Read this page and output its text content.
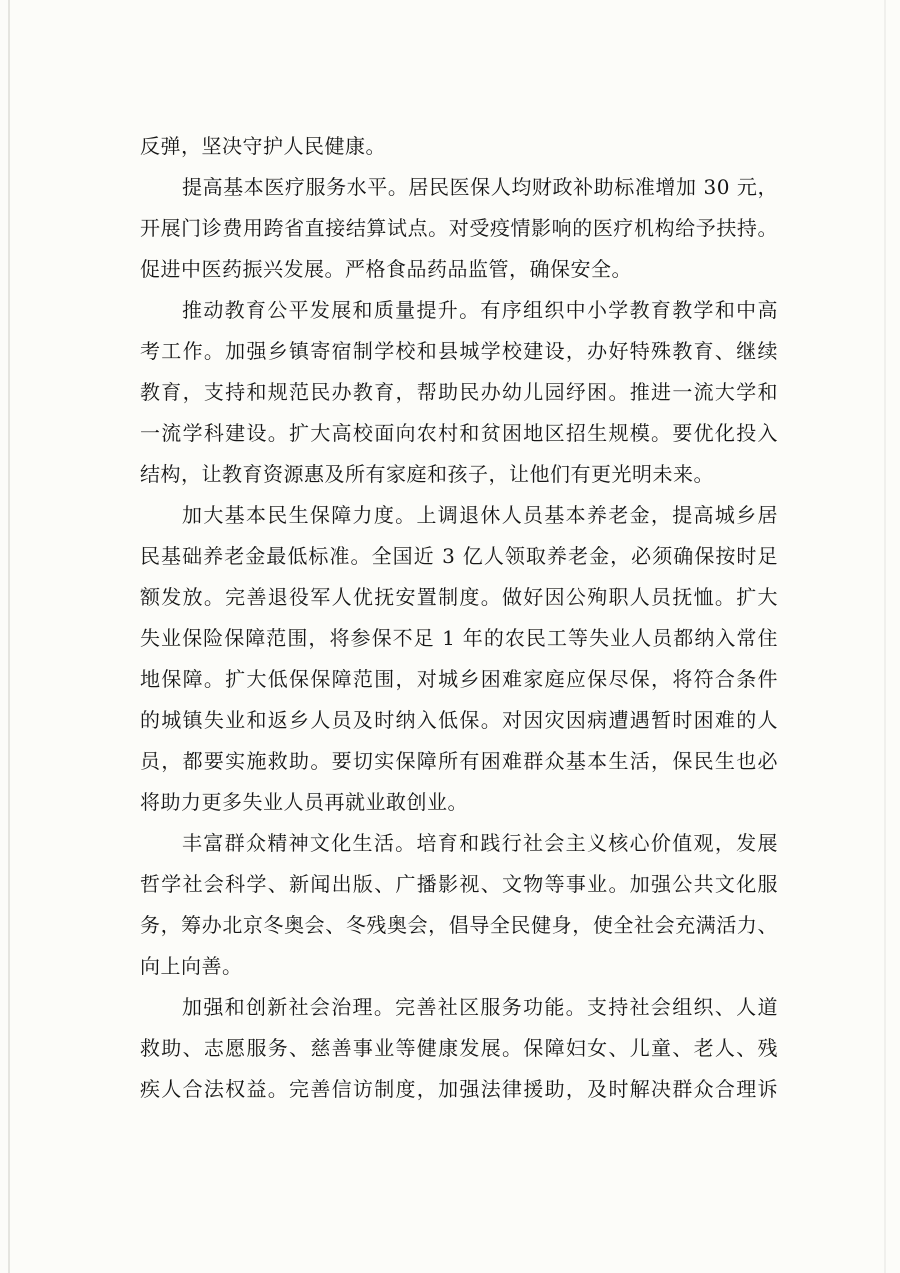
反弹，坚决守护人民健康。
提高基本医疗服务水平。居民医保人均财政补助标准增加 30 元，
开展门诊费用跨省直接结算试点。对受疫情影响的医疗机构给予扶持。
促进中医药振兴发展。严格食品药品监管，确保安全。
推动教育公平发展和质量提升。有序组织中小学教育教学和中高
考工作。加强乡镇寄宿制学校和县城学校建设，办好特殊教育、继续
教育，支持和规范民办教育，帮助民办幼儿园纾困。推进一流大学和
一流学科建设。扩大高校面向农村和贫困地区招生规模。要优化投入
结构，让教育资源惠及所有家庭和孩子，让他们有更光明未来。
加大基本民生保障力度。上调退休人员基本养老金，提高城乡居
民基础养老金最低标准。全国近 3 亿人领取养老金，必须确保按时足
额发放。完善退役军人优抚安置制度。做好因公殉职人员抚恤。扩大
失业保险保障范围，将参保不足 1 年的农民工等失业人员都纳入常住
地保障。扩大低保保障范围，对城乡困难家庭应保尽保，将符合条件
的城镇失业和返乡人员及时纳入低保。对因灾因病遭遇暂时困难的人
员，都要实施救助。要切实保障所有困难群众基本生活，保民生也必
将助力更多失业人员再就业敢创业。
丰富群众精神文化生活。培育和践行社会主义核心价值观，发展
哲学社会科学、新闻出版、广播影视、文物等事业。加强公共文化服
务，筹办北京冬奥会、冬残奥会，倡导全民健身，使全社会充满活力、
向上向善。
加强和创新社会治理。完善社区服务功能。支持社会组织、人道
救助、志愿服务、慈善事业等健康发展。保障妇女、儿童、老人、残
疾人合法权益。完善信访制度，加强法律援助，及时解决群众合理诉
